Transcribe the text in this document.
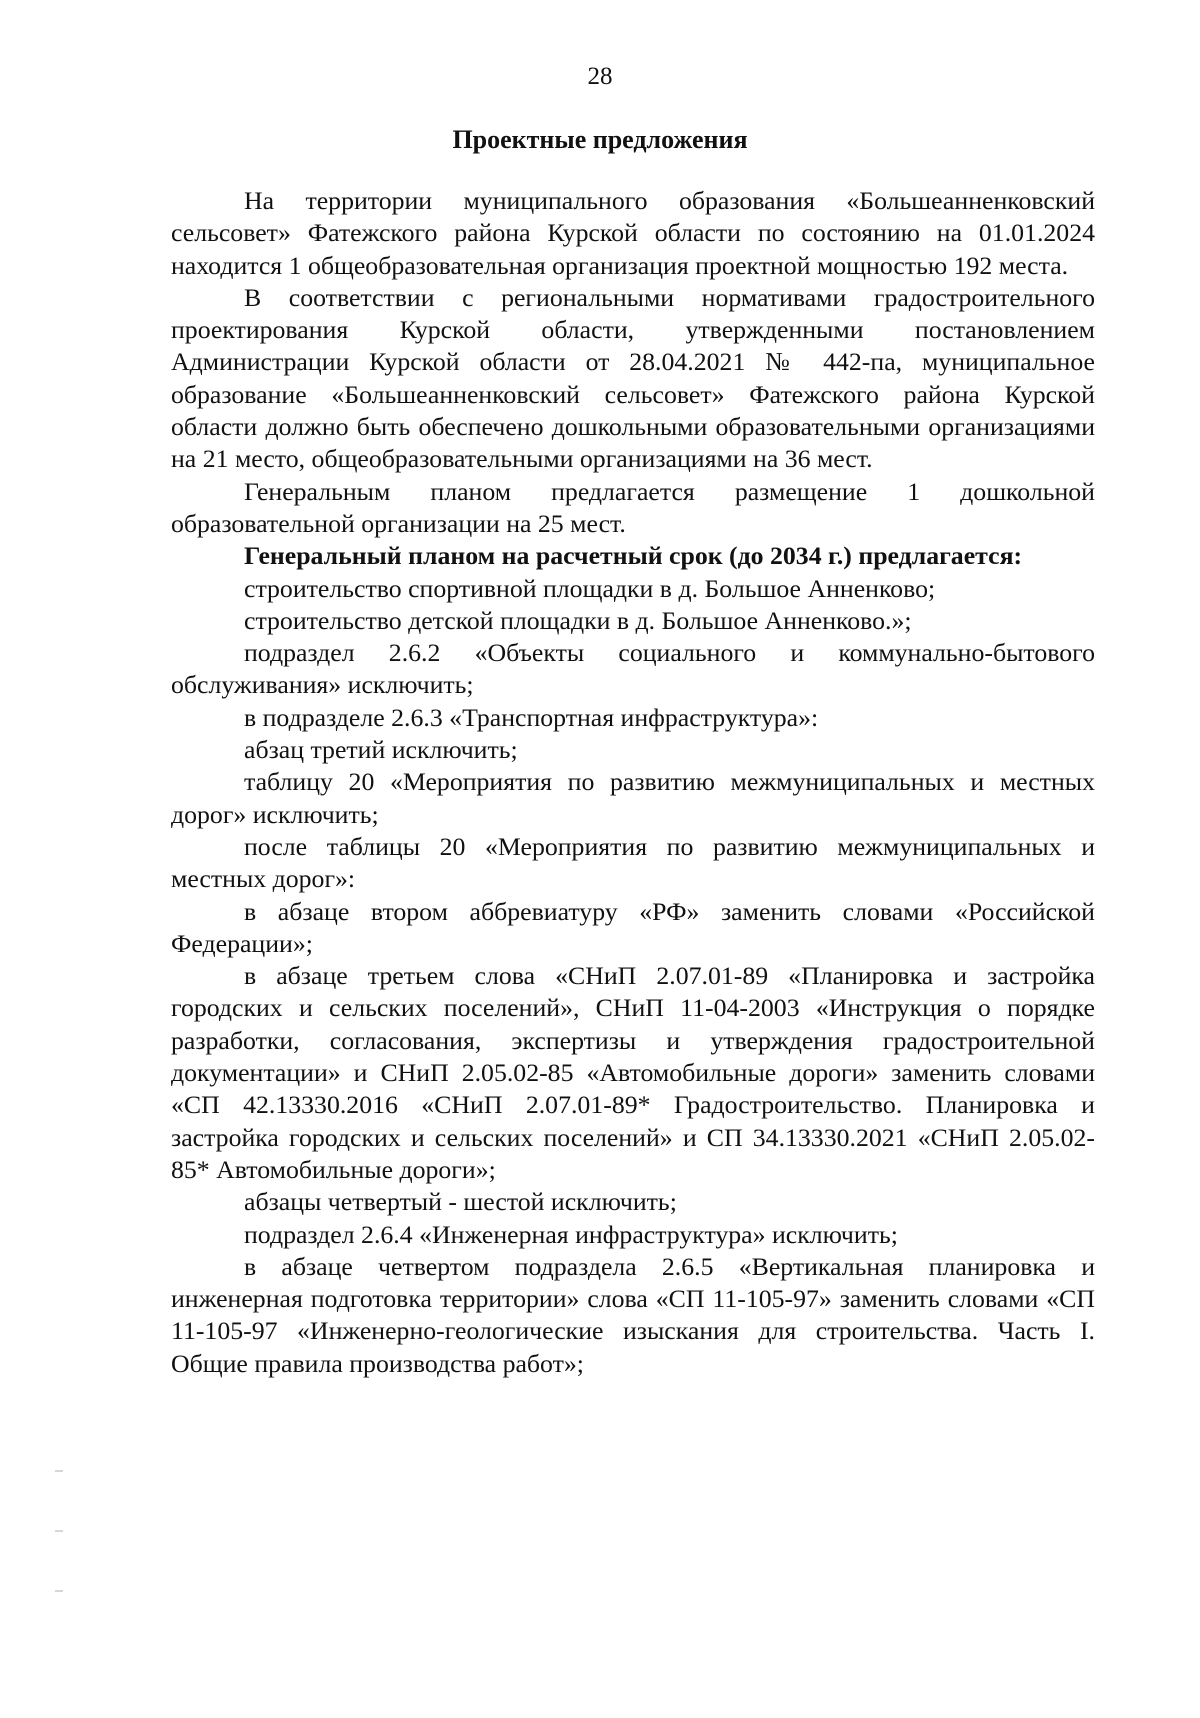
28
Проектные предложения

На территории муниципального образования «Большеанненковский сельсовет» Фатежского района Курской области по состоянию на 01.01.2024 находится 1 общеобразовательная организация проектной мощностью 192 места.

В соответствии с региональными нормативами градостроительного проектирования Курской области, утвержденными постановлением Администрации Курской области от 28.04.2021 № 442-па, муниципальное образование «Большеанненковский сельсовет» Фатежского района Курской области должно быть обеспечено дошкольными образовательными организациями на 21 место, общеобразовательными организациями на 36 мест.

Генеральным планом предлагается размещение 1 дошкольной образовательной организации на 25 мест.

Генеральный планом на расчетный срок (до 2034 г.) предлагается:

строительство спортивной площадки в д. Большое Анненково;

строительство детской площадки в д. Большое Анненково.»;

подраздел 2.6.2 «Объекты социального и коммунально-бытового обслуживания» исключить;

в подразделе 2.6.3 «Транспортная инфраструктура»:

абзац третий исключить;

таблицу 20 «Мероприятия по развитию межмуниципальных и местных дорог» исключить;

после таблицы 20 «Мероприятия по развитию межмуниципальных и местных дорог»:

в абзаце втором аббревиатуру «РФ» заменить словами «Российской Федерации»;

в абзаце третьем слова «СНиП 2.07.01-89 «Планировка и застройка городских и сельских поселений», СНиП 11-04-2003 «Инструкция о порядке разработки, согласования, экспертизы и утверждения градостроительной документации» и СНиП 2.05.02-85 «Автомобильные дороги» заменить словами «СП 42.13330.2016 «СНиП 2.07.01-89* Градостроительство. Планировка и застройка городских и сельских поселений» и СП 34.13330.2021 «СНиП 2.05.02-85* Автомобильные дороги»;

абзацы четвертый - шестой исключить;

подраздел 2.6.4 «Инженерная инфраструктура» исключить;

в абзаце четвертом подраздела 2.6.5 «Вертикальная планировка и инженерная подготовка территории» слова «СП 11-105-97» заменить словами «СП 11-105-97 «Инженерно-геологические изыскания для строительства. Часть I. Общие правила производства работ»;
